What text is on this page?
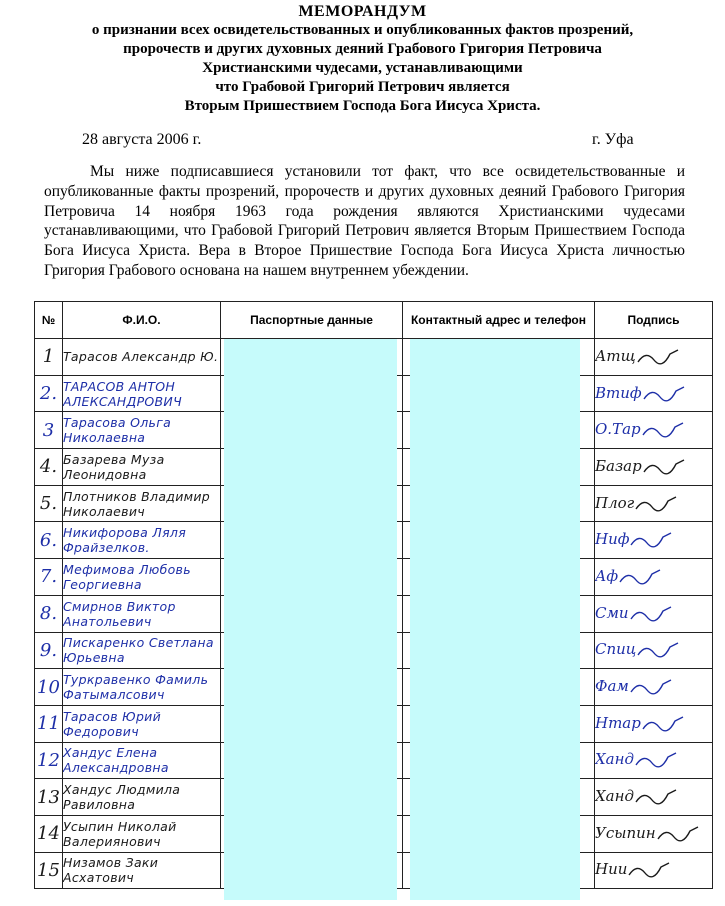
МЕМОРАНДУМ
о признании всех освидетельствованных и опубликованных фактов прозрений,
пророчеств и других духовных деяний Грабового Григория Петровича
Христианскими чудесами, устанавливающими
что Грабовой Григорий Петрович является
Вторым Пришествием Господа Бога Иисуса Христа.
28 августа 2006 г.	г. Уфа
Мы ниже подписавшиеся установили тот факт, что все освидетельствованные и опубликованные факты прозрений, пророчеств и других духовных деяний Грабового Григория Петровича 14 ноября 1963 года рождения являются Христианскими чудесами устанавливающими, что Грабовой Григорий Петрович является Вторым Пришествием Господа Бога Иисуса Христа. Вера в Второе Пришествие Господа Бога Иисуса Христа личностью Григория Грабового основана на нашем внутреннем убеждении.
№	Ф.И.О.	Паспортные данные	Контактный адрес и телефон	Подпись
1	Тарасов Александр Ю.			Атщ
2.	ТАРАСОВ АНТОН АЛЕКСАНДРОВИЧ			Втиф
3	Тарасова Ольга Николаевна			О.Тар
4.	Базарева Муза Леонидовна			Базар
5.	Плотников Владимир Николаевич			Плог
6.	Никифорова Ляля Фрайзелков.			Ниф
7.	Мефимова Любовь Георгиевна			Аф
8.	Смирнов Виктор Анатольевич			Сми
9.	Пискаренко Светлана Юрьевна			Спиц
10	Туркравенко Фамиль Фатымалсович			Фам
11	Тарасов Юрий Федорович			Нтар
12	Хандус Елена Александровна			Ханд
13	Хандус Людмила Равиловна			Ханд
14	Усыпин Николай Валериянович			Усыпин
15	Низамов Заки Асхатович			Нии
